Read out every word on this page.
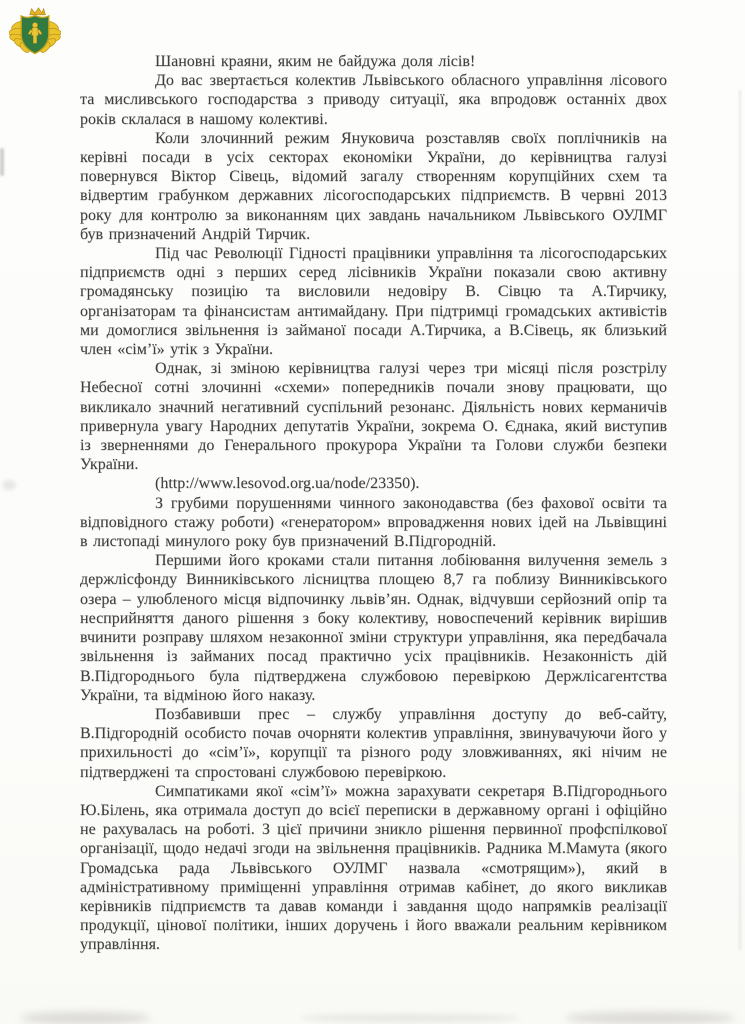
Шановні краяни, яким не байдужа доля лісів!

До вас звертається колектив Львівського обласного управління лісового та мисливського господарства з приводу ситуації, яка впродовж останніх двох років склалася в нашому колективі.

Коли злочинний режим Януковича розставляв своїх поплічників на керівні посади в усіх секторах економіки України, до керівництва галузі повернувся Віктор Сівець, відомий загалу створенням корупційних схем та відвертим грабунком державних лісогосподарських підприємств. В червні 2013 року для контролю за виконанням цих завдань начальником Львівського ОУЛМГ був призначений Андрій Тирчик.

Під час Революції Гідності працівники управління та лісогосподарських підприємств одні з перших серед лісівників України показали свою активну громадянську позицію та висловили недовіру В. Сівцю та А.Тирчику, організаторам та фінансистам антимайдану. При підтримці громадських активістів ми домоглися звільнення із займаної посади А.Тирчика, а В.Сівець, як близький член «сім’ї» утік з України.

Однак, зі зміною керівництва галузі через три місяці після розстрілу Небесної сотні злочинні «схеми» попередників почали знову працювати, що викликало значний негативний суспільний резонанс. Діяльність нових керманичів привернула увагу Народних депутатів України, зокрема О. Єднака, який виступив із зверненнями до Генерального прокурора України та Голови служби безпеки України.

(http://www.lesovod.org.ua/node/23350).

З грубими порушеннями чинного законодавства (без фахової освіти та відповідного стажу роботи) «генератором» впровадження нових ідей на Львівщині в листопаді минулого року був призначений В.Підгородній.

Першими його кроками стали питання лобіювання вилучення земель з держлісфонду Винниківського лісництва площею 8,7 га поблизу Винниківського озера – улюбленого місця відпочинку львів’ян. Однак, відчувши серйозний опір та несприйняття даного рішення з боку колективу, новоспечений керівник вирішив вчинити розправу шляхом незаконної зміни структури управління, яка передбачала звільнення із займаних посад практично усіх працівників. Незаконність дій В.Підгороднього була підтверджена службовою перевіркою Держлісагентства України, та відміною його наказу.

Позбавивши прес – службу управління доступу до веб-сайту, В.Підгородній особисто почав очорняти колектив управління, звинувачуючи його у прихильності до «сім’ї», корупції та різного роду зловживаннях, які нічим не підтверджені та спростовані службовою перевіркою.

Симпатиками якої «сім’ї» можна зарахувати секретаря В.Підгороднього Ю.Білень, яка отримала доступ до всієї переписки в державному органі і офіційно не рахувалась на роботі. З цієї причини зникло рішення первинної профспілкової організації, щодо недачі згоди на звільнення працівників. Радника М.Мамута (якого Громадська рада Львівського ОУЛМГ назвала «смотрящим»), який в адміністративному приміщенні управління отримав кабінет, до якого викликав керівників підприємств та давав команди і завдання щодо напрямків реалізації продукції, цінової політики, інших доручень і його вважали реальним керівником управління.
